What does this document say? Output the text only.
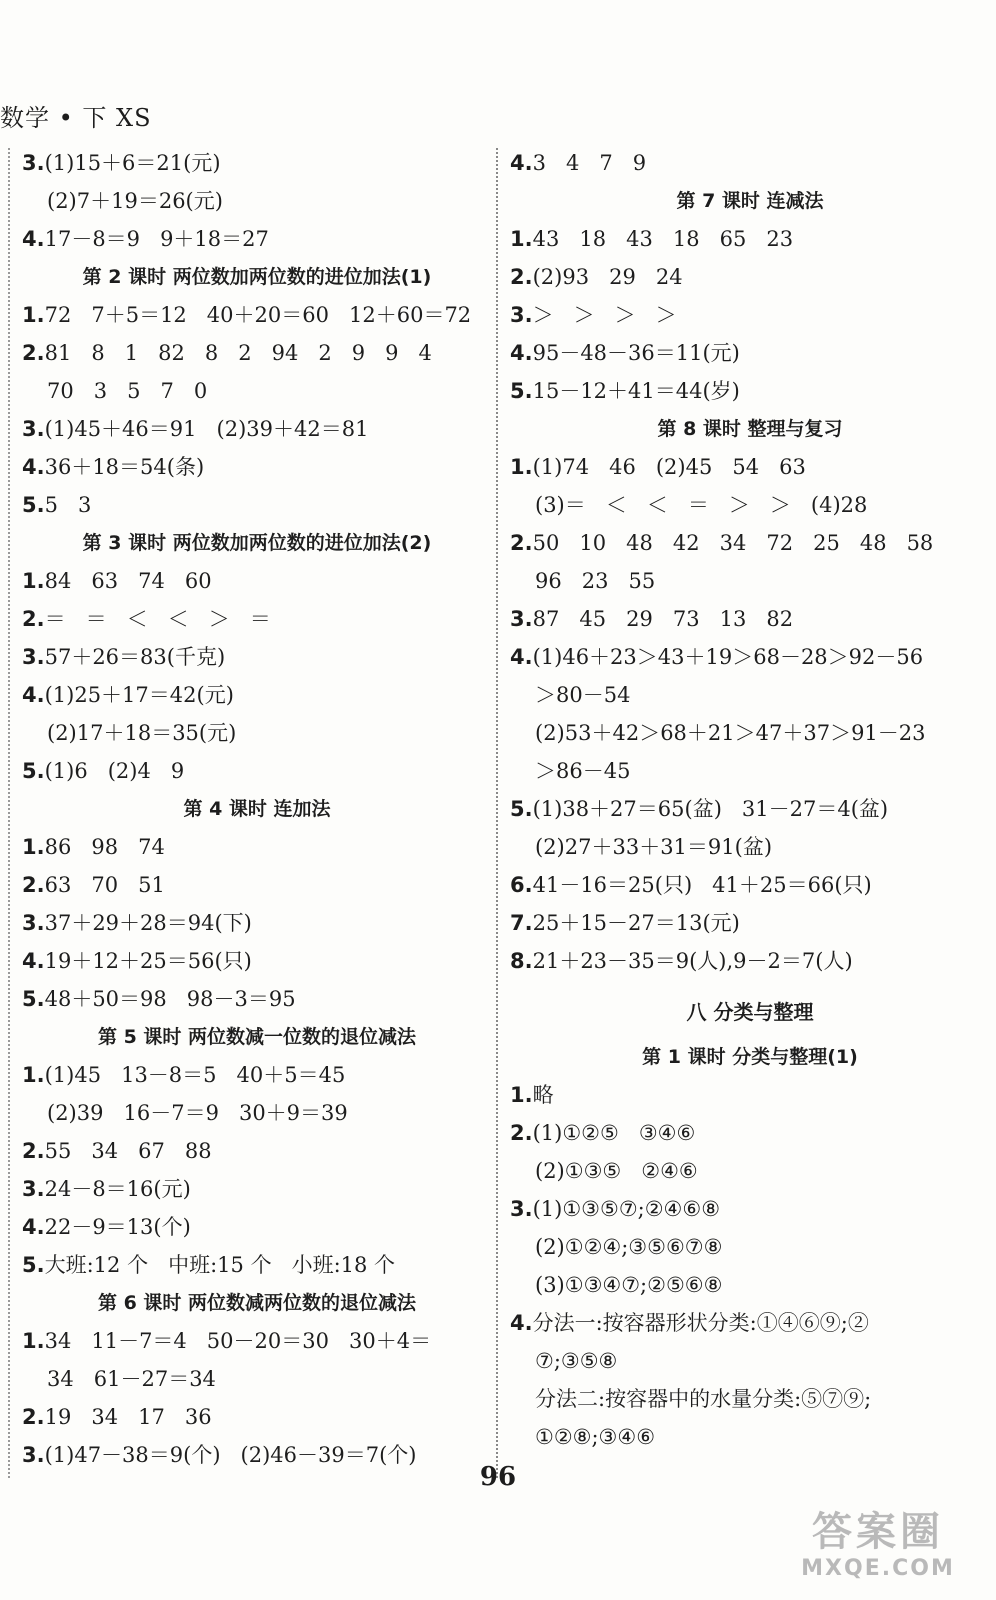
数学 • 下 XS
3.(1)15＋6＝21(元)
(2)7＋19＝26(元)
4.17－8＝9   9＋18＝27
第 2 课时 两位数加两位数的进位加法(1)
1.72   7＋5＝12   40＋20＝60   12＋60＝72
2.81   8   1   82   8   2   94   2   9   9   4
70   3   5   7   0
3.(1)45＋46＝91   (2)39＋42＝81
4.36＋18＝54(条)
5.5   3
第 3 课时 两位数加两位数的进位加法(2)
1.84   63   74   60
2.＝   ＝   ＜   ＜   ＞   ＝
3.57＋26＝83(千克)
4.(1)25＋17＝42(元)
(2)17＋18＝35(元)
5.(1)6   (2)4   9
第 4 课时 连加法
1.86   98   74
2.63   70   51
3.37＋29＋28＝94(下)
4.19＋12＋25＝56(只)
5.48＋50＝98   98－3＝95
第 5 课时 两位数减一位数的退位减法
1.(1)45   13－8＝5   40＋5＝45
(2)39   16－7＝9   30＋9＝39
2.55   34   67   88
3.24－8＝16(元)
4.22－9＝13(个)
5.大班:12 个   中班:15 个   小班:18 个
第 6 课时 两位数减两位数的退位减法
1.34   11－7＝4   50－20＝30   30＋4＝
34   61－27＝34
2.19   34   17   36
3.(1)47－38＝9(个)   (2)46－39＝7(个)
4.3   4   7   9
第 7 课时 连减法
1.43   18   43   18   65   23
2.(2)93   29   24
3.＞   ＞   ＞   ＞
4.95－48－36＝11(元)
5.15－12＋41＝44(岁)
第 8 课时 整理与复习
1.(1)74   46   (2)45   54   63
(3)＝   ＜   ＜   ＝   ＞   ＞   (4)28
2.50   10   48   42   34   72   25   48   58
96   23   55
3.87   45   29   73   13   82
4.(1)46＋23＞43＋19＞68－28＞92－56
＞80－54
(2)53＋42＞68＋21＞47＋37＞91－23
＞86－45
5.(1)38＋27＝65(盆)   31－27＝4(盆)
(2)27＋33＋31＝91(盆)
6.41－16＝25(只)   41＋25＝66(只)
7.25＋15－27＝13(元)
8.21＋23－35＝9(人),9－2＝7(人)
八 分类与整理
第 1 课时 分类与整理(1)
1.略
2.(1)①②⑤   ③④⑥
(2)①③⑤   ②④⑥
3.(1)①③⑤⑦;②④⑥⑧
(2)①②④;③⑤⑥⑦⑧
(3)①③④⑦;②⑤⑥⑧
4.分法一:按容器形状分类:①④⑥⑨;②
⑦;③⑤⑧
分法二:按容器中的水量分类:⑤⑦⑨;
①②⑧;③④⑥
96
答案圈
MXQE.COM
